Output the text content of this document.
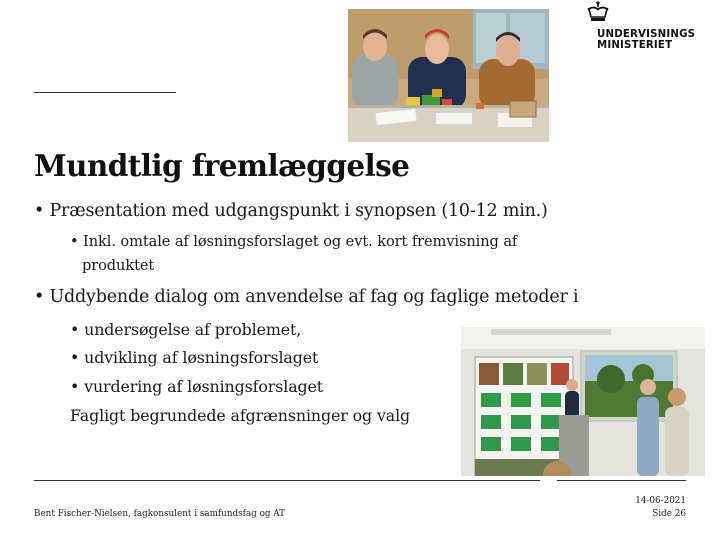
UNDERVISNINGS
MINISTERIET
Mundtlig fremlæggelse
• Præsentation med udgangspunkt i synopsen (10-12 min.)
• Inkl. omtale af løsningsforslaget og evt. kort fremvisning af
produktet
• Uddybende dialog om anvendelse af fag og faglige metoder i
• undersøgelse af problemet,
• udvikling af løsningsforslaget
• vurdering af løsningsforslaget
Fagligt begrundede afgrænsninger og valg
Bent Fischer-Nielsen, fagkonsulent i samfundsfag og AT
14-06-2021
Side 26
